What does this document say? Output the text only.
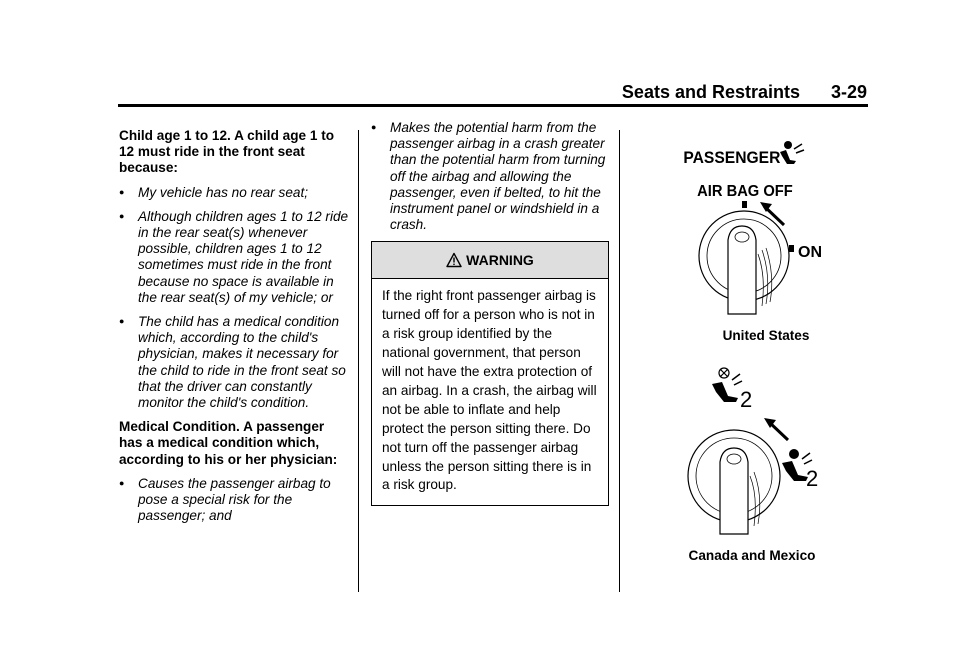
Seats and Restraints 3-29

Child age 1 to 12. A child age 1 to 12 must ride in the front seat because:

● My vehicle has no rear seat;
● Although children ages 1 to 12 ride in the rear seat(s) whenever possible, children ages 1 to 12 sometimes must ride in the front because no space is available in the rear seat(s) of my vehicle; or
● The child has a medical condition which, according to the child's physician, makes it necessary for the child to ride in the front seat so that the driver can constantly monitor the child's condition.

Medical Condition. A passenger has a medical condition which, according to his or her physician:

● Causes the passenger airbag to pose a special risk for the passenger; and
● Makes the potential harm from the passenger airbag in a crash greater than the potential harm from turning off the airbag and allowing the passenger, even if belted, to hit the instrument panel or windshield in a crash.
WARNING
If the right front passenger airbag is turned off for a person who is not in a risk group identified by the national government, that person will not have the extra protection of an airbag. In a crash, the airbag will not be able to inflate and help protect the person sitting there. Do not turn off the passenger airbag unless the person sitting there is in a risk group.
PASSENGER
AIR BAG OFF
ON
United States
2
2
Canada and Mexico
